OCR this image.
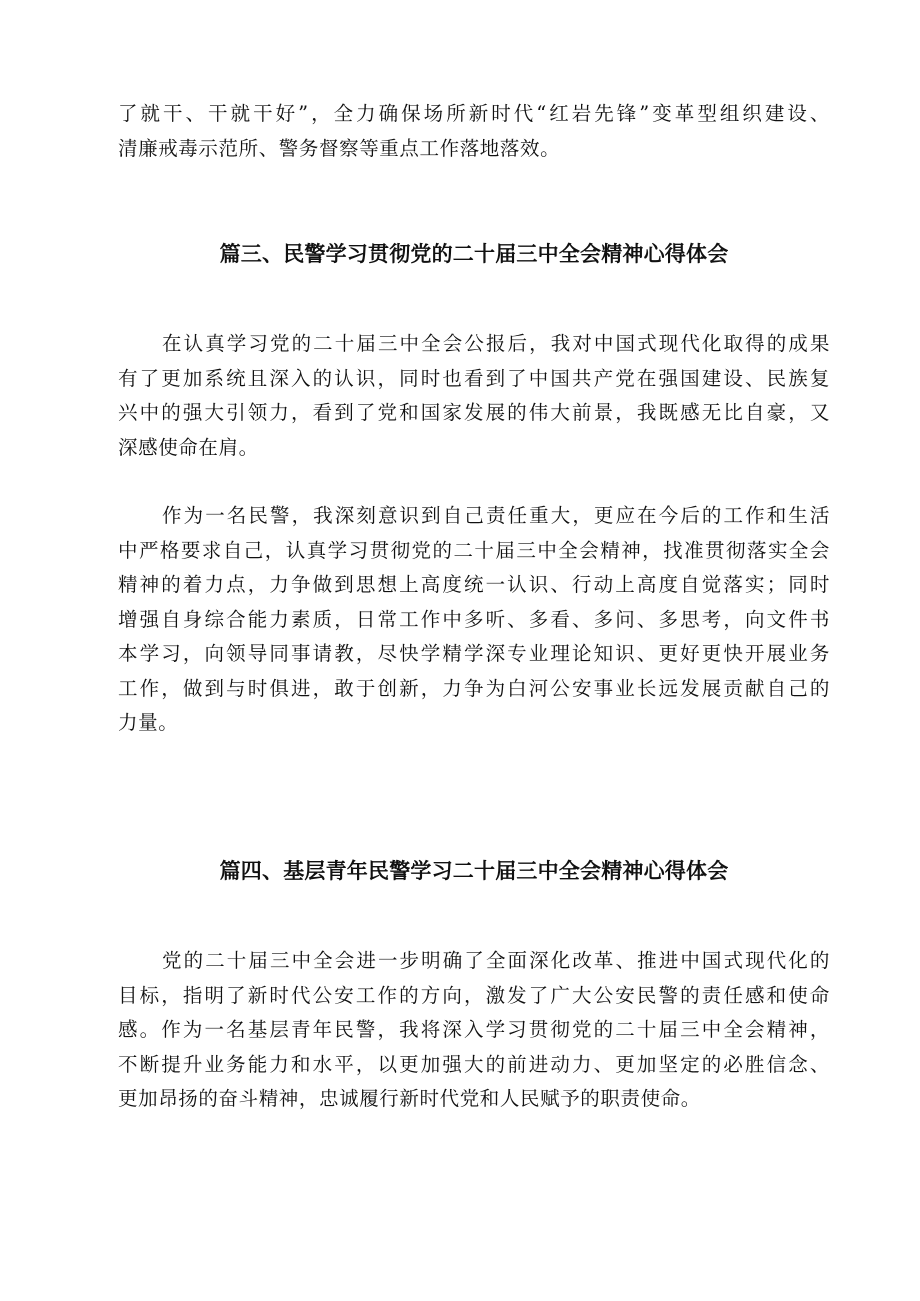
了就干、干就干好”，全力确保场所新时代“红岩先锋”变革型组织建设、
清廉戒毒示范所、警务督察等重点工作落地落效。
篇三、民警学习贯彻党的二十届三中全会精神心得体会
在认真学习党的二十届三中全会公报后，我对中国式现代化取得的成果
有了更加系统且深入的认识，同时也看到了中国共产党在强国建设、民族复
兴中的强大引领力，看到了党和国家发展的伟大前景，我既感无比自豪，又
深感使命在肩。
作为一名民警，我深刻意识到自己责任重大，更应在今后的工作和生活
中严格要求自己，认真学习贯彻党的二十届三中全会精神，找准贯彻落实全会
精神的着力点，力争做到思想上高度统一认识、行动上高度自觉落实；同时
增强自身综合能力素质，日常工作中多听、多看、多问、多思考，向文件书
本学习，向领导同事请教，尽快学精学深专业理论知识、更好更快开展业务
工作，做到与时俱进，敢于创新，力争为白河公安事业长远发展贡献自己的
力量。
篇四、基层青年民警学习二十届三中全会精神心得体会
党的二十届三中全会进一步明确了全面深化改革、推进中国式现代化的
目标，指明了新时代公安工作的方向，激发了广大公安民警的责任感和使命
感。作为一名基层青年民警，我将深入学习贯彻党的二十届三中全会精神，
不断提升业务能力和水平，以更加强大的前进动力、更加坚定的必胜信念、
更加昂扬的奋斗精神，忠诚履行新时代党和人民赋予的职责使命。
